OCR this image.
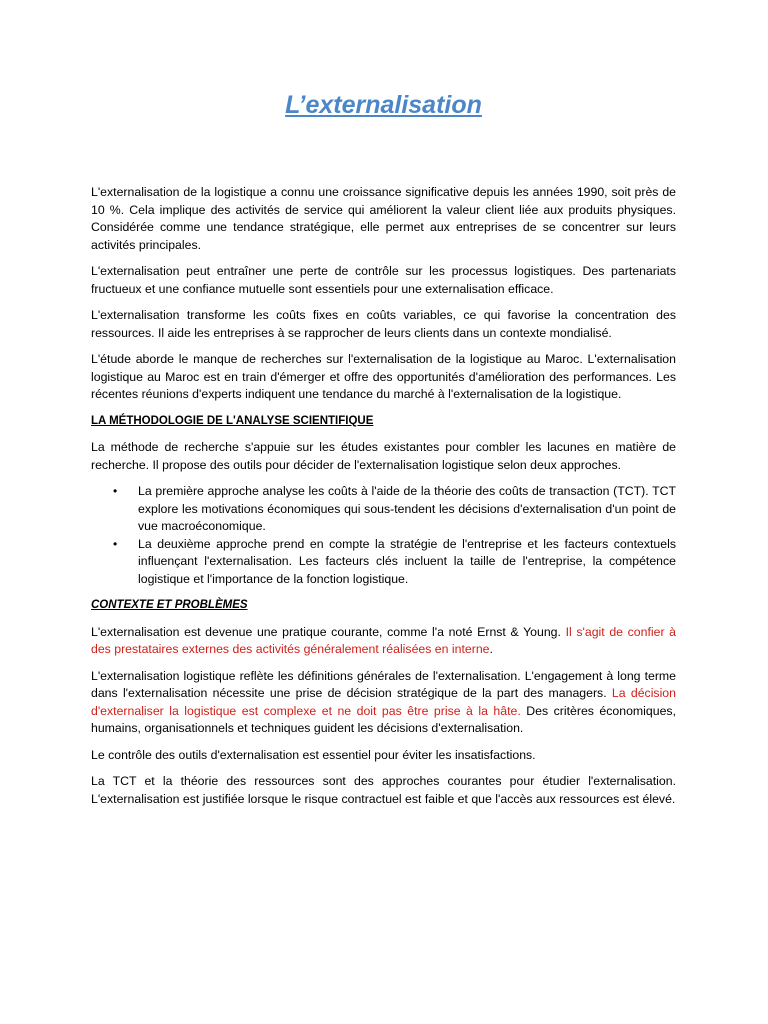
L’externalisation

L'externalisation de la logistique a connu une croissance significative depuis les années 1990, soit près de 10 %. Cela implique des activités de service qui améliorent la valeur client liée aux produits physiques. Considérée comme une tendance stratégique, elle permet aux entreprises de se concentrer sur leurs activités principales.

L'externalisation peut entraîner une perte de contrôle sur les processus logistiques. Des partenariats fructueux et une confiance mutuelle sont essentiels pour une externalisation efficace.

L'externalisation transforme les coûts fixes en coûts variables, ce qui favorise la concentration des ressources. Il aide les entreprises à se rapprocher de leurs clients dans un contexte mondialisé.

L'étude aborde le manque de recherches sur l'externalisation de la logistique au Maroc. L'externalisation logistique au Maroc est en train d'émerger et offre des opportunités d'amélioration des performances. Les récentes réunions d'experts indiquent une tendance du marché à l'externalisation de la logistique.

LA MÉTHODOLOGIE DE L'ANALYSE SCIENTIFIQUE

La méthode de recherche s'appuie sur les études existantes pour combler les lacunes en matière de recherche. Il propose des outils pour décider de l'externalisation logistique selon deux approches.

• La première approche analyse les coûts à l'aide de la théorie des coûts de transaction (TCT). TCT explore les motivations économiques qui sous-tendent les décisions d'externalisation d'un point de vue macroéconomique.
• La deuxième approche prend en compte la stratégie de l'entreprise et les facteurs contextuels influençant l'externalisation. Les facteurs clés incluent la taille de l'entreprise, la compétence logistique et l'importance de la fonction logistique.
CONTEXTE ET PROBLÈMES

L'externalisation est devenue une pratique courante, comme l'a noté Ernst & Young. Il s'agit de confier à des prestataires externes des activités généralement réalisées en interne.

L'externalisation logistique reflète les définitions générales de l'externalisation. L'engagement à long terme dans l'externalisation nécessite une prise de décision stratégique de la part des managers. La décision d'externaliser la logistique est complexe et ne doit pas être prise à la hâte. Des critères économiques, humains, organisationnels et techniques guident les décisions d'externalisation.

Le contrôle des outils d'externalisation est essentiel pour éviter les insatisfactions.

La TCT et la théorie des ressources sont des approches courantes pour étudier l'externalisation. L'externalisation est justifiée lorsque le risque contractuel est faible et que l'accès aux ressources est élevé.
